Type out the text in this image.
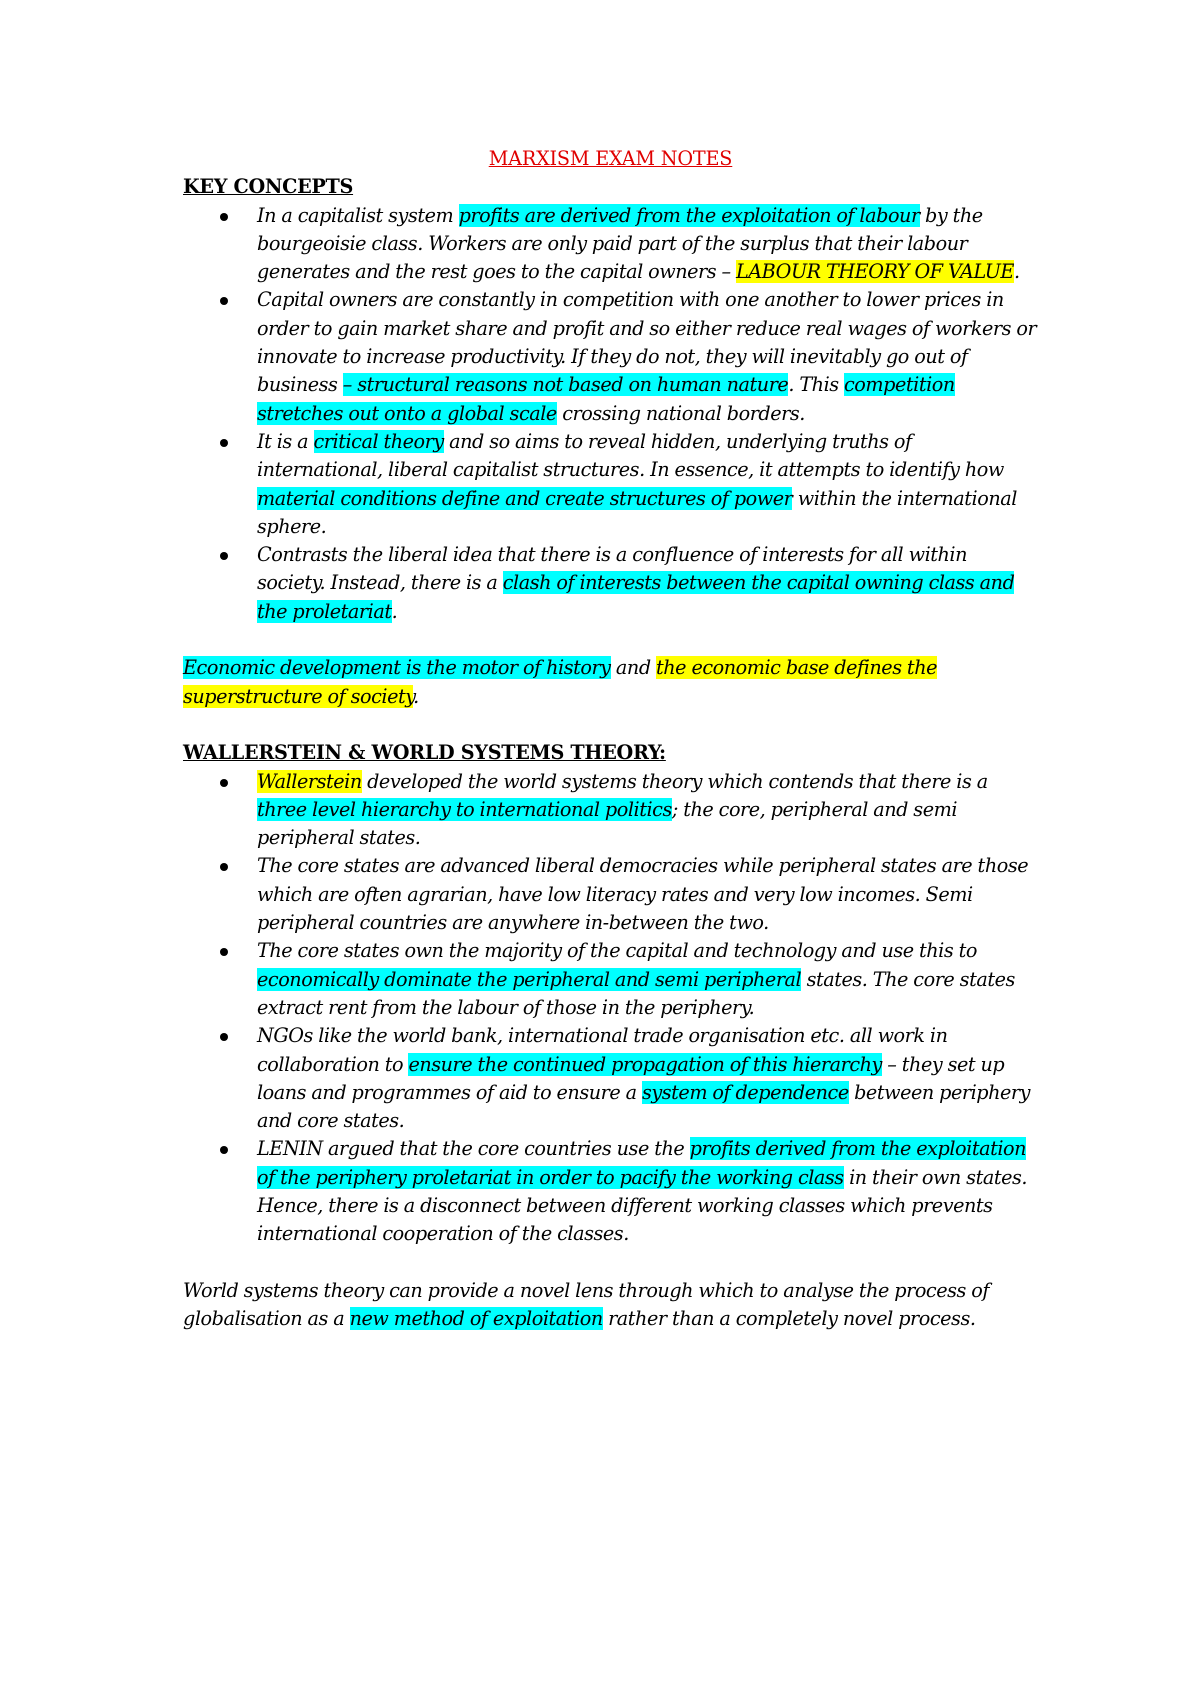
MARXISM EXAM NOTES

KEY CONCEPTS

In a capitalist system profits are derived from the exploitation of labour by the bourgeoisie class. Workers are only paid part of the surplus that their labour generates and the rest goes to the capital owners – LABOUR THEORY OF VALUE.
Capital owners are constantly in competition with one another to lower prices in order to gain market share and profit and so either reduce real wages of workers or innovate to increase productivity. If they do not, they will inevitably go out of business – structural reasons not based on human nature. This competition stretches out onto a global scale crossing national borders.
It is a critical theory and so aims to reveal hidden, underlying truths of international, liberal capitalist structures. In essence, it attempts to identify how material conditions define and create structures of power within the international sphere.
Contrasts the liberal idea that there is a confluence of interests for all within society. Instead, there is a clash of interests between the capital owning class and the proletariat.

Economic development is the motor of history and the economic base defines the superstructure of society.

WALLERSTEIN & WORLD SYSTEMS THEORY:

Wallerstein developed the world systems theory which contends that there is a three level hierarchy to international politics; the core, peripheral and semi peripheral states.
The core states are advanced liberal democracies while peripheral states are those which are often agrarian, have low literacy rates and very low incomes. Semi peripheral countries are anywhere in-between the two.
The core states own the majority of the capital and technology and use this to economically dominate the peripheral and semi peripheral states. The core states extract rent from the labour of those in the periphery.
NGOs like the world bank, international trade organisation etc. all work in collaboration to ensure the continued propagation of this hierarchy – they set up loans and programmes of aid to ensure a system of dependence between periphery and core states.
LENIN argued that the core countries use the profits derived from the exploitation of the periphery proletariat in order to pacify the working class in their own states. Hence, there is a disconnect between different working classes which prevents international cooperation of the classes.

World systems theory can provide a novel lens through which to analyse the process of globalisation as a new method of exploitation rather than a completely novel process.
